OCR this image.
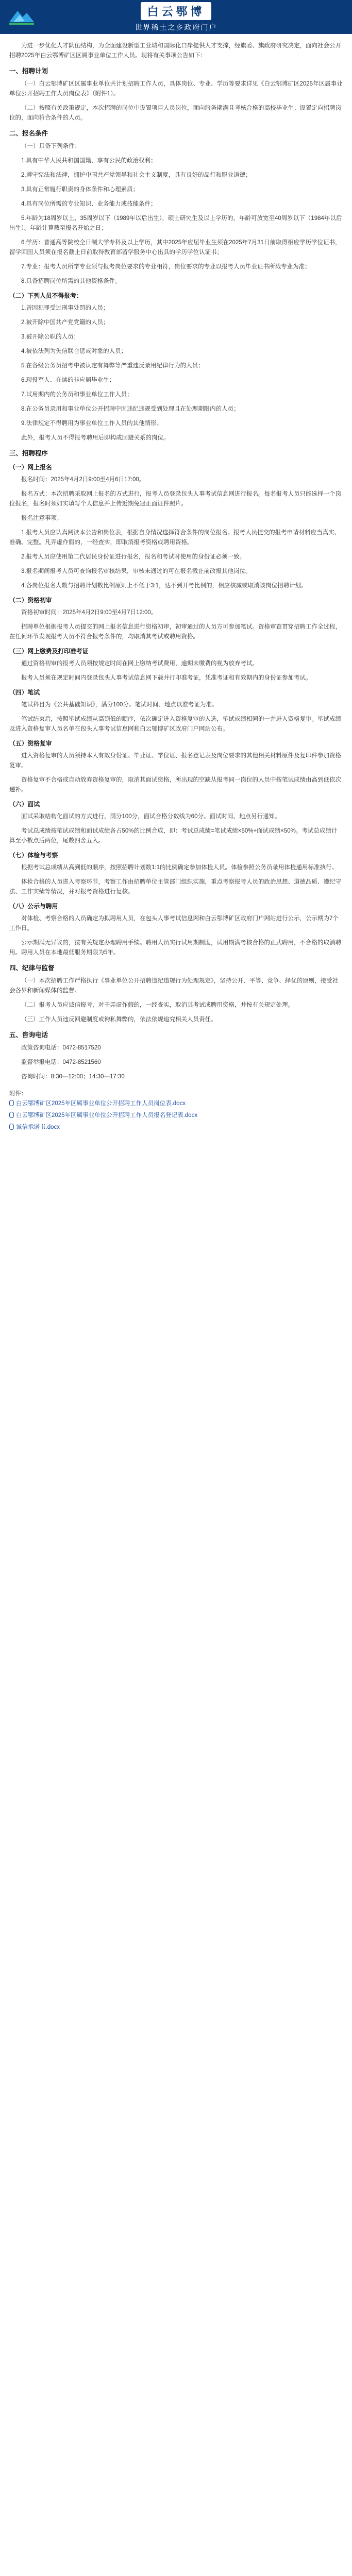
白云鄂博
世界稀土之乡政府门户

为进一步优化人才队伍结构，为全面建设新型工业城和国际化口岸提供人才支撑，经旗委、旗政府研究决定，面向社会公开招聘2025年白云鄂博矿区区属事业单位工作人员。现将有关事项公告如下：

一、招聘计划

（一）白云鄂博矿区区属事业单位共计划招聘工作人员，具体岗位、专业、学历等要求详见《白云鄂博矿区2025年区属事业单位公开招聘工作人员岗位表》（附件1）。

（二）按照有关政策规定，本次招聘的岗位中设置项目人员岗位，面向服务期满且考核合格的高校毕业生；设置定向招聘岗位的，面向符合条件的人员。

二、报名条件

（一）具备下列条件：

1.具有中华人民共和国国籍，享有公民的政治权利；

2.遵守宪法和法律，拥护中国共产党领导和社会主义制度，具有良好的品行和职业道德；

3.具有正常履行职责的身体条件和心理素质；

4.具有岗位所需的专业知识、业务能力或技能条件；

5.年龄为18周岁以上、35周岁以下（1989年以后出生），硕士研究生及以上学历的，年龄可放宽至40周岁以下（1984年以后出生）。年龄计算截至报名开始之日；

6.学历：普通高等院校全日制大学专科及以上学历，其中2025年应届毕业生须在2025年7月31日前取得相应学历学位证书，留学回国人员须在报名截止日前取得教育部留学服务中心出具的学历学位认证书；

7.专业：报考人员所学专业须与报考岗位要求的专业相符，岗位要求的专业以报考人员毕业证书所载专业为准；

8.具备招聘岗位所需的其他资格条件。

（二）下列人员不得报考：

1.曾因犯罪受过刑事处罚的人员；

2.被开除中国共产党党籍的人员；

3.被开除公职的人员；

4.被依法列为失信联合惩戒对象的人员；

5.在各级公务员招考中被认定有舞弊等严重违反录用纪律行为的人员；

6.现役军人、在读的非应届毕业生；

7.试用期内的公务员和事业单位工作人员；

8.在公务员录用和事业单位公开招聘中因违纪违规受到处理且在处理期限内的人员；

9.法律规定不得聘用为事业单位工作人员的其他情形。

此外，报考人员不得报考聘用后即构成回避关系的岗位。

三、招聘程序
（一）网上报名

报名时间：2025年4月2日9:00至4月6日17:00。

报名方式：本次招聘采取网上报名的方式进行，报考人员登录包头人事考试信息网进行报名。每名报考人员只能选择一个岗位报名，报名时须如实填写个人信息并上传近期免冠正面证件照片。

报名注意事项：

1.报考人员应认真阅读本公告和岗位表，根据自身情况选择符合条件的岗位报名。报考人员提交的报考申请材料应当真实、准确、完整。凡弄虚作假的，一经查实，即取消报考资格或聘用资格。

2.报考人员应使用第二代居民身份证进行报名，报名和考试时使用的身份证必须一致。

3.报名期间报考人员可查询报名审核结果，审核未通过的可在报名截止前改报其他岗位。

4.各岗位报名人数与招聘计划数比例原则上不低于3:1，达不到开考比例的，相应核减或取消该岗位招聘计划。

（二）资格初审

资格初审时间：2025年4月2日9:00至4月7日12:00。

招聘单位根据报考人员提交的网上报名信息进行资格初审，初审通过的人员方可参加笔试。资格审查贯穿招聘工作全过程，在任何环节发现报考人员不符合报考条件的，均取消其考试或聘用资格。

（三）网上缴费及打印准考证

通过资格初审的报考人员须按规定时间在网上缴纳考试费用，逾期未缴费的视为放弃考试。

报考人员须在规定时间内登录包头人事考试信息网下载并打印准考证，凭准考证和有效期内的身份证参加考试。

（四）笔试

笔试科目为《公共基础知识》，满分100分。笔试时间、地点以准考证为准。

笔试结束后，按照笔试成绩从高到低的顺序，依次确定进入资格复审的人选，笔试成绩相同的一并进入资格复审。笔试成绩及进入资格复审人员名单在包头人事考试信息网和白云鄂博矿区政府门户网站公布。

（五）资格复审

进入资格复审的人员须持本人有效身份证、毕业证、学位证、报名登记表及岗位要求的其他相关材料原件及复印件参加资格复审。

资格复审不合格或自动放弃资格复审的，取消其面试资格，所出现的空缺从报考同一岗位的人员中按笔试成绩由高到低依次递补。

（六）面试

面试采取结构化面试的方式进行，满分100分，面试合格分数线为60分。面试时间、地点另行通知。

考试总成绩按笔试成绩和面试成绩各占50%的比例合成，即：考试总成绩=笔试成绩×50%+面试成绩×50%。考试总成绩计算至小数点后两位，尾数四舍五入。

（七）体检与考察

根据考试总成绩从高到低的顺序，按照招聘计划数1:1的比例确定参加体检人员。体检参照公务员录用体检通用标准执行。

体检合格的人员进入考察环节，考察工作由招聘单位主管部门组织实施，重点考察报考人员的政治思想、道德品质、遵纪守法、工作实绩等情况，并对报考资格进行复核。

（八）公示与聘用

对体检、考察合格的人员确定为拟聘用人员，在包头人事考试信息网和白云鄂博矿区政府门户网站进行公示，公示期为7个工作日。

公示期满无异议的，按有关规定办理聘用手续。聘用人员实行试用期制度，试用期满考核合格的正式聘用，不合格的取消聘用。聘用人员在本地最低服务期限为5年。

四、纪律与监督

（一）本次招聘工作严格执行《事业单位公开招聘违纪违规行为处理规定》，坚持公开、平等、竞争、择优的原则，接受社会各界和新闻媒体的监督。

（二）报考人员应诚信报考，对于弄虚作假的，一经查实，取消其考试或聘用资格，并按有关规定处理。

（三）工作人员违反回避制度或徇私舞弊的，依法依规追究相关人员责任。

五、咨询电话

政策咨询电话：0472-8517520

监督举报电话：0472-8521560

咨询时间：8:30—12:00；14:30—17:30

附件：
白云鄂博矿区2025年区属事业单位公开招聘工作人员岗位表.docx
白云鄂博矿区2025年区属事业单位公开招聘工作人员报名登记表.docx
诚信承诺书.docx
